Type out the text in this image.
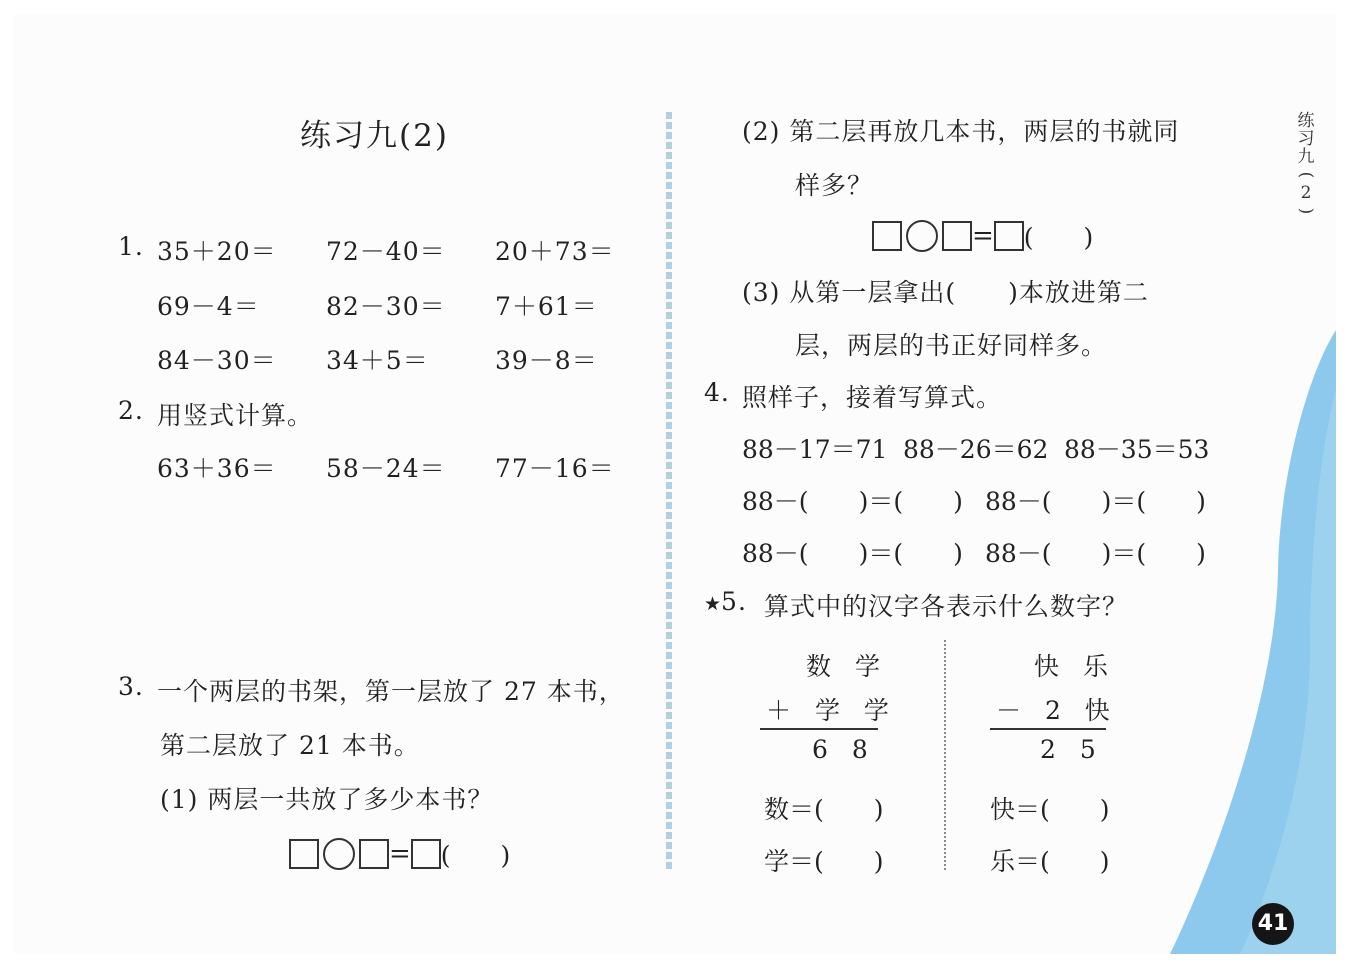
练习九(2)
1. 35＋20＝ 72－40＝ 20＋73＝
69－4＝	82－30＝ 7＋61＝
84－30＝ 34＋5＝	39－8＝
2. 用竖式计算。
63＋36＝ 58－24＝ 77－16＝
3. 一个两层的书架，第一层放了 27 本书，
第二层放了 21 本书。
(1) 两层一共放了多少本书？
= (　　)
(2) 第二层再放几本书，两层的书就同
样多？
= (　　)
(3) 从第一层拿出(　　)本放进第二
层，两层的书正好同样多。
4. 照样子，接着写算式。
88－17＝71 88－26＝62 88－35＝53
88－(　　)＝(　　) 88－(　　)＝(　　)
88－(　　)＝(　　) 88－(　　)＝(　　)
★5. 算式中的汉字各表示什么数字？
数 学
＋ 学 学
6 8
数＝(　　)
学＝(　　)
快 乐
－ 2 快
2 5
快＝(　　)
乐＝(　　)
练
习
九
(
2
)
41
